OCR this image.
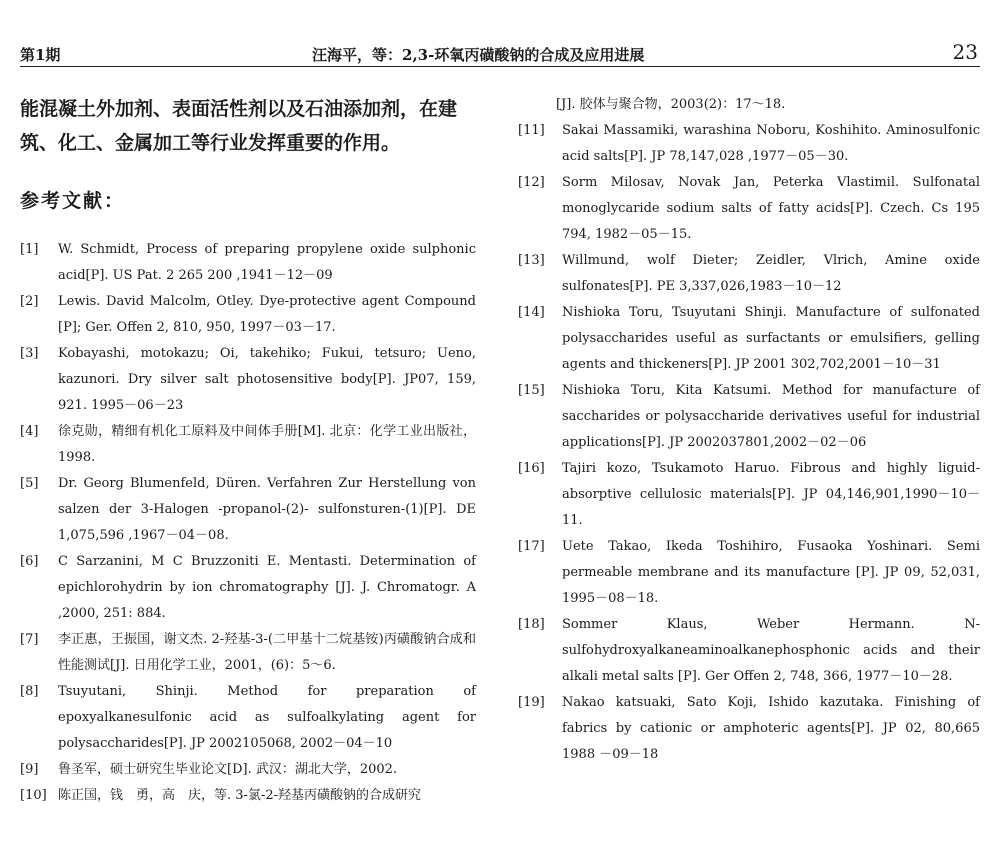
第1期	汪海平，等：2,3-环氧丙磺酸钠的合成及应用进展	23

能混凝土外加剂、表面活性剂以及石油添加剂，在建筑、化工、金属加工等行业发挥重要的作用。

参考文献：
[1]	W. Schmidt, Process of preparing propylene oxide sulphonic acid[P]. US Pat. 2 265 200 ,1941－12－09
[2]	Lewis. David Malcolm, Otley. Dye-protective agent Compound [P]; Ger. Offen 2, 810, 950, 1997－03－17.
[3]	Kobayashi, motokazu; Oi, takehiko; Fukui, tetsuro; Ueno, kazunori. Dry silver salt photosensitive body[P]. JP07, 159, 921. 1995－06－23
[4]	徐克勋，精细有机化工原料及中间体手册[M]. 北京：化学工业出版社，1998.
[5]	Dr. Georg Blumenfeld, Düren. Verfahren Zur Herstellung von salzen der 3-Halogen -propanol-(2)- sulfonsturen-(1)[P]. DE 1,075,596 ,1967－04－08.
[6]	C Sarzanini, M C Bruzzoniti E. Mentasti. Determination of epichlorohydrin by ion chromatography [J]. J. Chromatogr. A ,2000, 251: 884.
[7]	李正惠，王振国，谢文杰. 2-羟基-3-(二甲基十二烷基铵)丙磺酸钠合成和性能测试[J]. 日用化学工业，2001，(6)：5～6.
[8]	Tsuyutani, Shinji. Method for preparation of epoxyalkanesulfonic acid as sulfoalkylating agent for polysaccharides[P]. JP 2002105068, 2002－04－10
[9]	鲁圣军，硕士研究生毕业论文[D]. 武汉：湖北大学，2002.
[10] 陈正国，钱　勇，高　庆，等. 3-氯-2-羟基丙磺酸钠的合成研究
[J]. 胶体与聚合物，2003(2)：17～18.
[11]	Sakai Massamiki, warashina Noboru, Koshihito. Aminosulfonic acid salts[P]. JP 78,147,028 ,1977－05－30.
[12]	Sorm Milosav, Novak Jan, Peterka Vlastimil. Sulfonatal monoglycaride sodium salts of fatty acids[P]. Czech. Cs 195 794, 1982－05－15.
[13]	Willmund, wolf Dieter; Zeidler, Vlrich, Amine oxide sulfonates[P]. PE 3,337,026,1983－10－12
[14]	Nishioka Toru, Tsuyutani Shinji. Manufacture of sulfonated polysaccharides useful as surfactants or emulsifiers, gelling agents and thickeners[P]. JP 2001 302,702,2001－10－31
[15]	Nishioka Toru, Kita Katsumi. Method for manufacture of saccharides or polysaccharide derivatives useful for industrial applications[P]. JP 2002037801,2002－02－06
[16]	Tajiri kozo, Tsukamoto Haruo. Fibrous and highly liguid-absorptive cellulosic materials[P]. JP 04,146,901,1990－10－11.
[17]	Uete Takao, Ikeda Toshihiro, Fusaoka Yoshinari. Semi permeable membrane and its manufacture [P]. JP 09, 52,031, 1995－08－18.
[18]	Sommer Klaus, Weber Hermann. N-sulfohydroxyalkaneaminoalkanephosphonic acids and their alkali metal salts [P]. Ger Offen 2, 748, 366, 1977－10－28.
[19]	Nakao katsuaki, Sato Koji, Ishido kazutaka. Finishing of fabrics by cationic or amphoteric agents[P]. JP 02, 80,665 1988 －09－18
